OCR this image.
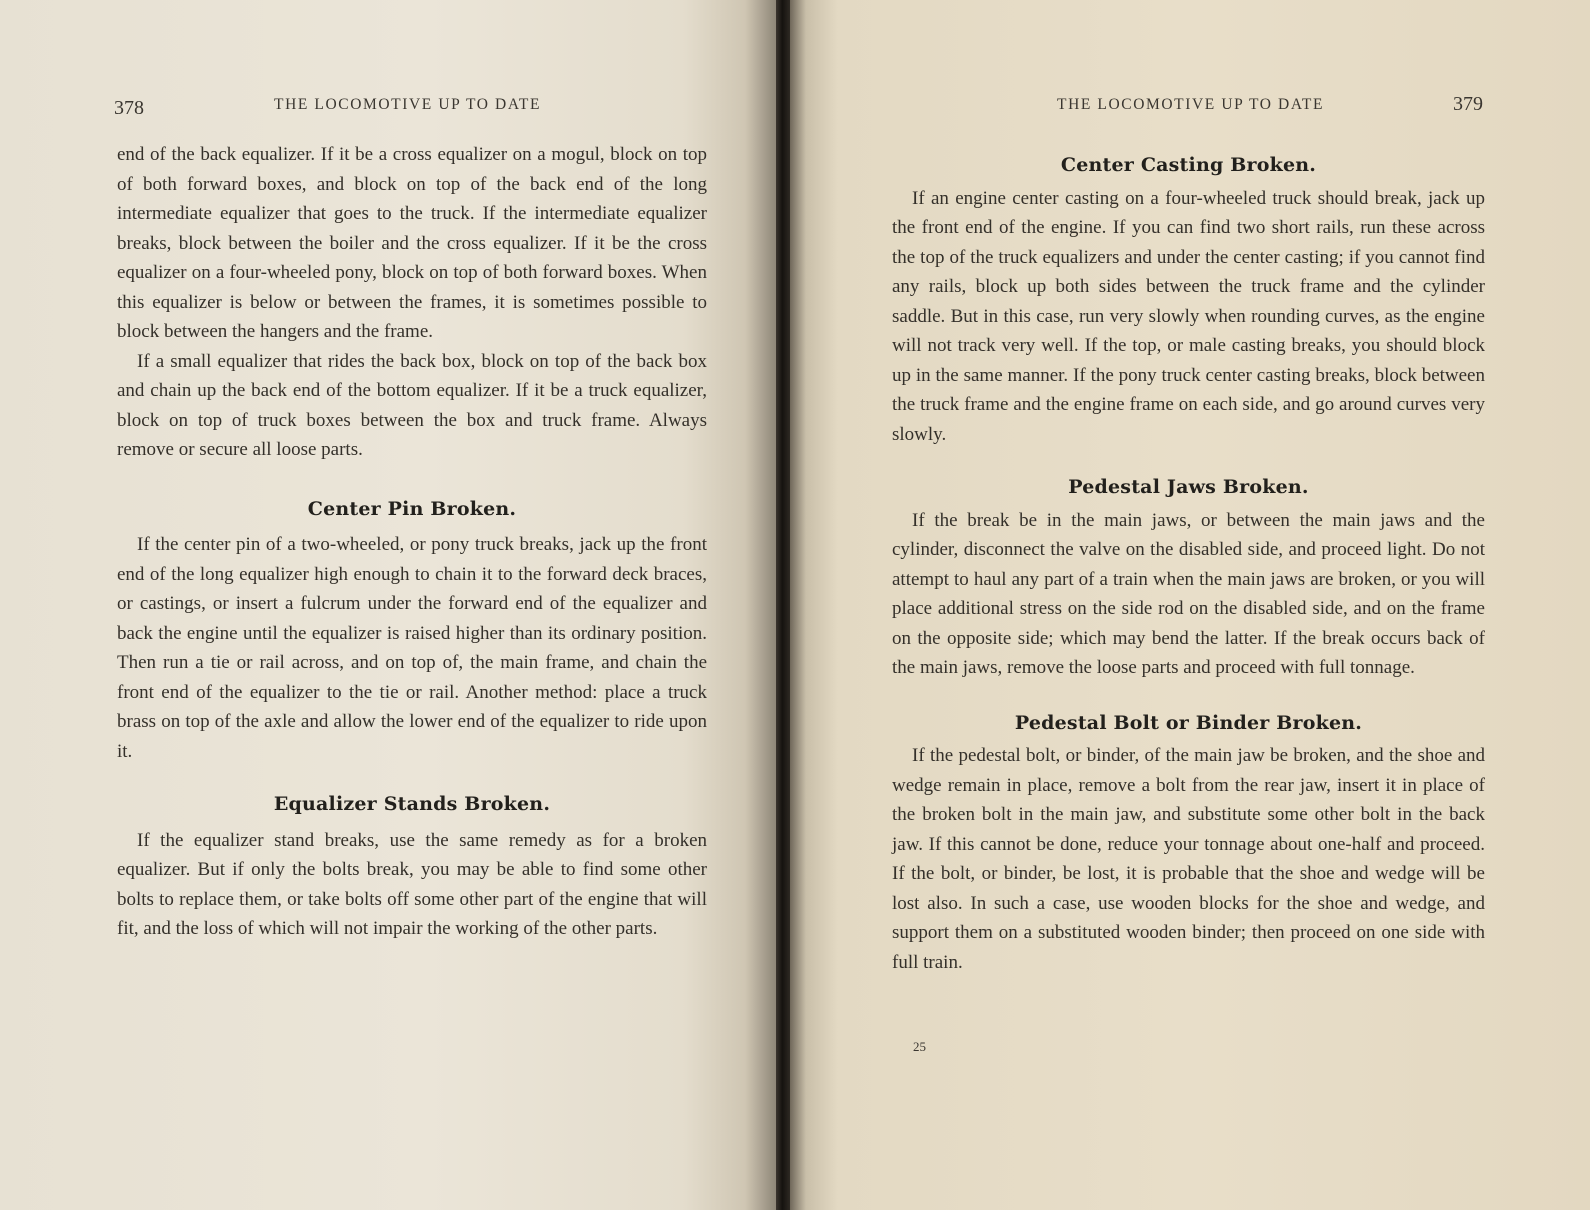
378	THE LOCOMOTIVE UP TO DATE

end of the back equalizer. If it be a cross equalizer on a mogul, block on top of both forward boxes, and block on top of the back end of the long intermediate equalizer that goes to the truck. If the intermediate equalizer breaks, block between the boiler and the cross equalizer. If it be the cross equalizer on a four-wheeled pony, block on top of both forward boxes. When this equalizer is below or between the frames, it is sometimes possible to block between the hangers and the frame.

If a small equalizer that rides the back box, block on top of the back box and chain up the back end of the bottom equalizer. If it be a truck equalizer, block on top of truck boxes between the box and truck frame. Always remove or secure all loose parts.

Center Pin Broken.

If the center pin of a two-wheeled, or pony truck breaks, jack up the front end of the long equalizer high enough to chain it to the forward deck braces, or castings, or insert a fulcrum under the forward end of the equalizer and back the engine until the equalizer is raised higher than its ordinary position. Then run a tie or rail across, and on top of, the main frame, and chain the front end of the equalizer to the tie or rail. Another method: place a truck brass on top of the axle and allow the lower end of the equalizer to ride upon it.

Equalizer Stands Broken.

If the equalizer stand breaks, use the same remedy as for a broken equalizer. But if only the bolts break, you may be able to find some other bolts to replace them, or take bolts off some other part of the engine that will fit, and the loss of which will not impair the working of the other parts.

THE LOCOMOTIVE UP TO DATE	379
Center Casting Broken.

If an engine center casting on a four-wheeled truck should break, jack up the front end of the engine. If you can find two short rails, run these across the top of the truck equalizers and under the center casting; if you cannot find any rails, block up both sides between the truck frame and the cylinder saddle. But in this case, run very slowly when rounding curves, as the engine will not track very well. If the top, or male casting breaks, you should block up in the same manner. If the pony truck center casting breaks, block between the truck frame and the engine frame on each side, and go around curves very slowly.

Pedestal Jaws Broken.

If the break be in the main jaws, or between the main jaws and the cylinder, disconnect the valve on the disabled side, and proceed light. Do not attempt to haul any part of a train when the main jaws are broken, or you will place additional stress on the side rod on the disabled side, and on the frame on the opposite side; which may bend the latter. If the break occurs back of the main jaws, remove the loose parts and proceed with full tonnage.

Pedestal Bolt or Binder Broken.

If the pedestal bolt, or binder, of the main jaw be broken, and the shoe and wedge remain in place, remove a bolt from the rear jaw, insert it in place of the broken bolt in the main jaw, and substitute some other bolt in the back jaw. If this cannot be done, reduce your tonnage about one-half and proceed. If the bolt, or binder, be lost, it is probable that the shoe and wedge will be lost also. In such a case, use wooden blocks for the shoe and wedge, and support them on a substituted wooden binder; then proceed on one side with full train.

25
